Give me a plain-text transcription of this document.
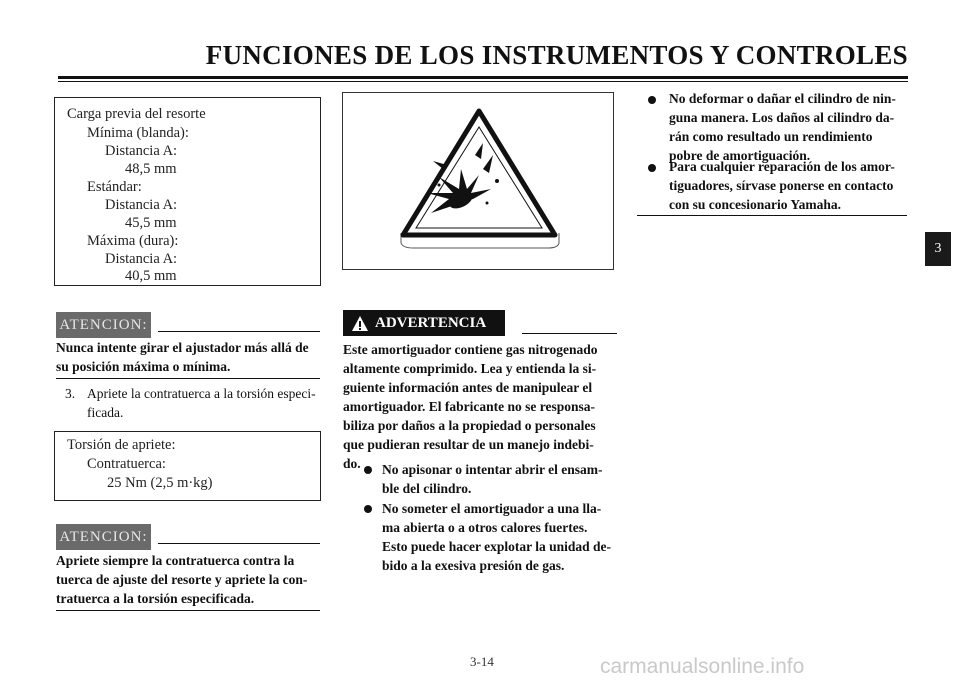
FUNCIONES DE LOS INSTRUMENTOS Y CONTROLES
Carga previa del resorte
Mínima (blanda):
Distancia A:
48,5 mm
Estándar:
Distancia A:
45,5 mm
Máxima (dura):
Distancia A:
40,5 mm
ATENCION:
Nunca intente girar el ajustador más allá de
su posición máxima o mínima.
3. Apriete la contratuerca a la torsión especi-
ficada.
Torsión de apriete:
Contratuerca:
25 Nm (2,5 m·kg)
ATENCION:
Apriete siempre la contratuerca contra la
tuerca de ajuste del resorte y apriete la con-
tratuerca a la torsión especificada.
ADVERTENCIA
Este amortiguador contiene gas nitrogenado
altamente comprimido. Lea y entienda la si-
guiente información antes de manipulear el
amortiguador. El fabricante no se responsa-
biliza por daños a la propiedad o personales
que pudieran resultar de un manejo indebi-
do. No apisonar o intentar abrir el ensam-
ble del cilindro.
No someter el amortiguador a una lla-
ma abierta o a otros calores fuertes.
Esto puede hacer explotar la unidad de-
bido a la exesiva presión de gas.
No deformar o dañar el cilindro de nin-
guna manera. Los daños al cilindro da-
rán como resultado un rendimiento
pobre de amortiguación.
Para cualquier reparación de los amor-
tiguadores, sírvase ponerse en contacto
con su concesionario Yamaha.
3
3-14	carmanualsonline.info
